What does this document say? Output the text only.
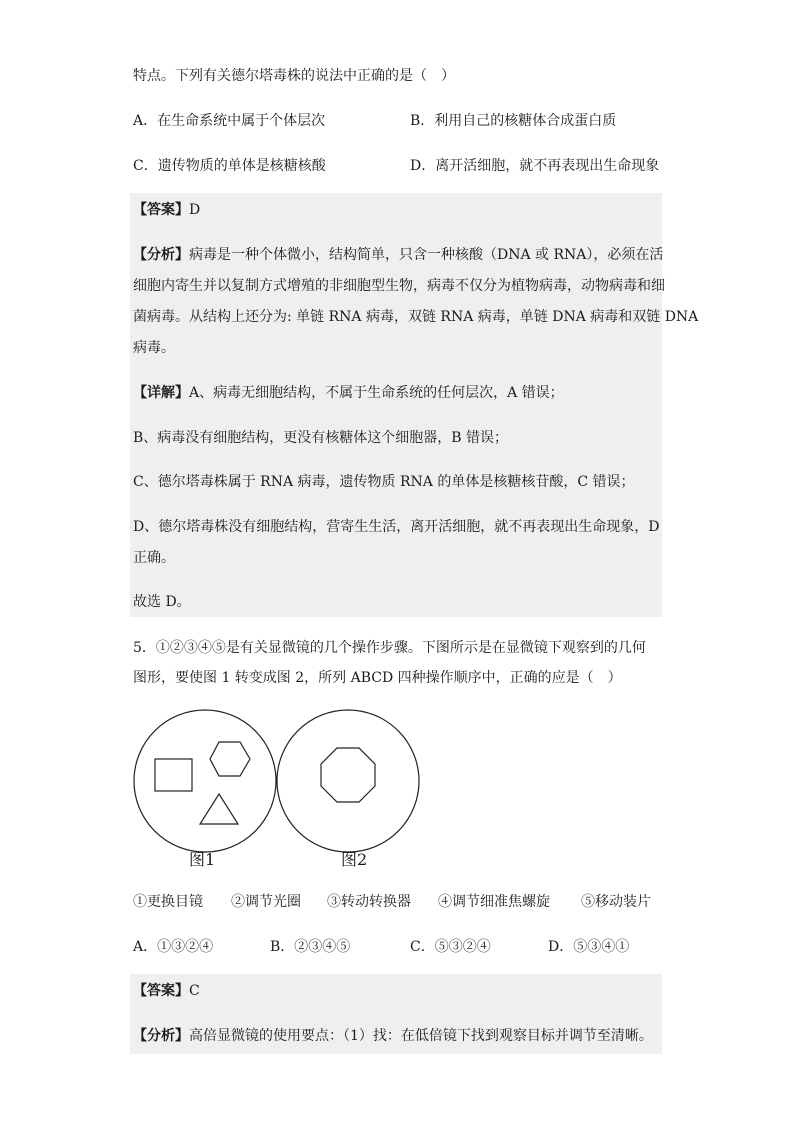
特点。下列有关德尔塔毒株的说法中正确的是（　）
A．在生命系统中属于个体层次	B．利用自己的核糖体合成蛋白质
C．遗传物质的单体是核糖核酸	D．离开活细胞，就不再表现出生命现象
【答案】D
【分析】病毒是一种个体微小，结构简单，只含一种核酸（DNA 或 RNA），必须在活
细胞内寄生并以复制方式增殖的非细胞型生物，病毒不仅分为植物病毒，动物病毒和细
菌病毒。从结构上还分为: 单链 RNA 病毒，双链 RNA 病毒，单链 DNA 病毒和双链 DNA
病毒。
【详解】A、病毒无细胞结构，不属于生命系统的任何层次，A 错误；
B、病毒没有细胞结构，更没有核糖体这个细胞器，B 错误；
C、德尔塔毒株属于 RNA 病毒，遗传物质 RNA 的单体是核糖核苷酸，C 错误；
D、德尔塔毒株没有细胞结构，营寄生生活，离开活细胞，就不再表现出生命现象，D
正确。
故选 D。
5．①②③④⑤是有关显微镜的几个操作步骤。下图所示是在显微镜下观察到的几何
图形，要使图 1 转变成图 2，所列 ABCD 四种操作顺序中，正确的应是（　）
图1	图2
①更换目镜 ②调节光圈 ③转动转换器 ④调节细准焦螺旋 ⑤移动装片
A．①③②④	B．②③④⑤	C．⑤③②④	D．⑤③④①
【答案】C
【分析】高倍显微镜的使用要点：（1）找：在低倍镜下找到观察目标并调节至清晰。
